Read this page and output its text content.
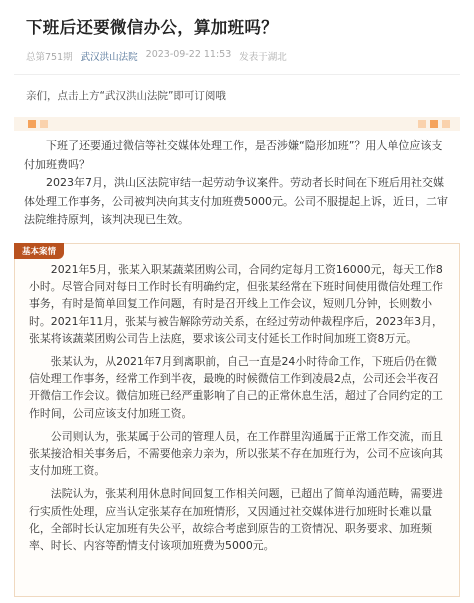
下班后还要微信办公，算加班吗？
总第751期 武汉洪山法院 2023-09-22 11:53 发表于湖北
亲们，点击上方“武汉洪山法院”即可订阅哦

下班了还要通过微信等社交媒体处理工作，是否涉嫌“隐形加班”？用人单位应该支付加班费吗？

2023年7月，洪山区法院审结一起劳动争议案件。劳动者长时间在下班后用社交媒体处理工作事务，公司被判决向其支付加班费5000元。公司不服提起上诉，近日，二审法院维持原判，该判决现已生效。

基本案情

2021年5月，张某入职某蔬菜团购公司，合同约定每月工资16000元，每天工作8小时。尽管合同对每日工作时长有明确约定，但张某经常在下班时间使用微信处理工作事务，有时是简单回复工作问题，有时是召开线上工作会议，短则几分钟，长则数小时。2021年11月，张某与被告解除劳动关系，在经过劳动仲裁程序后，2023年3月，张某将该蔬菜团购公司告上法庭，要求该公司支付延长工作时间加班工资8万元。

张某认为，从2021年7月到离职前，自己一直是24小时待命工作，下班后仍在微信处理工作事务，经常工作到半夜，最晚的时候微信工作到凌晨2点，公司还会半夜召开微信工作会议。微信加班已经严重影响了自己的正常休息生活，超过了合同约定的工作时间，公司应该支付加班工资。

公司则认为，张某属于公司的管理人员，在工作群里沟通属于正常工作交流，而且张某接洽相关事务后，不需要他亲力亲为，所以张某不存在加班行为，公司不应该向其支付加班工资。

法院认为，张某利用休息时间回复工作相关问题，已超出了简单沟通范畴，需要进行实质性处理，应当认定张某存在加班情形，又因通过社交媒体进行加班时长难以量化，全部时长认定加班有失公平，故综合考虑到原告的工资情况、职务要求、加班频率、时长、内容等酌情支付该项加班费为5000元。
